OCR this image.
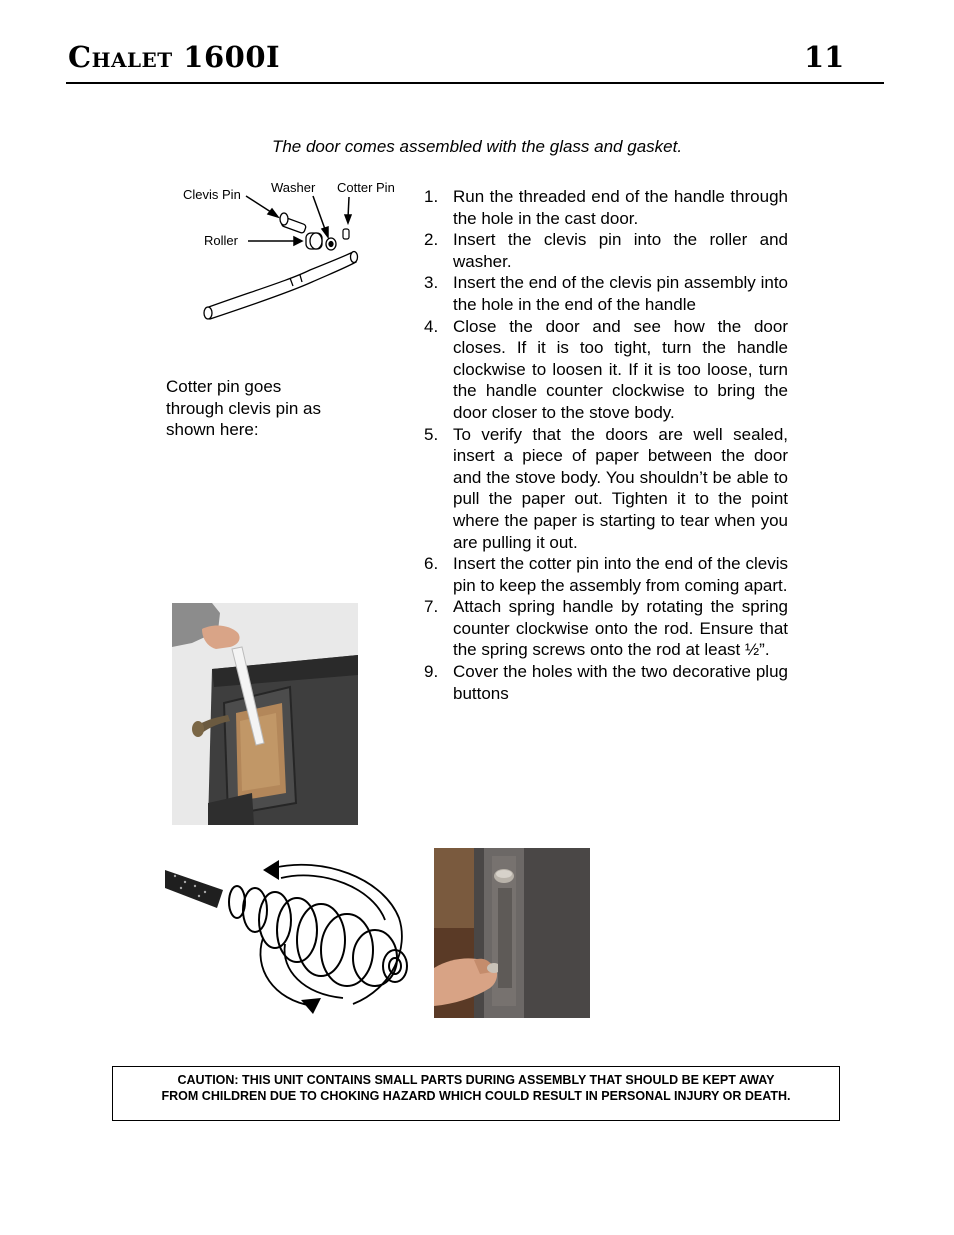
Chalet 1600I	11
The door comes assembled with the glass and gasket.
Clevis Pin Washer Cotter Pin
Roller
Cotter pin goes through clevis pin as shown here:
1. Run the threaded end of the handle through the hole in the cast door.
2. Insert the clevis pin into the roller and washer.
3. Insert the end of the clevis pin assembly into the hole in the end of the handle
4. Close the door and see how the door closes. If it is too tight, turn the handle clockwise to loosen it. If it is too loose, turn the handle counter clockwise to bring the door closer to the stove body.
5. To verify that the doors are well sealed, insert a piece of paper between the door and the stove body. You shouldn’t be able to pull the paper out. Tighten it to the point where the paper is starting to tear when you are pulling it out.
6. Insert the cotter pin into the end of the clevis pin to keep the assembly from coming apart.
7. Attach spring handle by rotating the spring counter clockwise onto the rod. Ensure that the spring screws onto the rod at least ½”.
9. Cover the holes with the two decorative plug buttons
CAUTION: THIS UNIT CONTAINS SMALL PARTS DURING ASSEMBLY THAT SHOULD BE KEPT AWAY
FROM CHILDREN DUE TO CHOKING HAZARD WHICH COULD RESULT IN PERSONAL INJURY OR DEATH.
